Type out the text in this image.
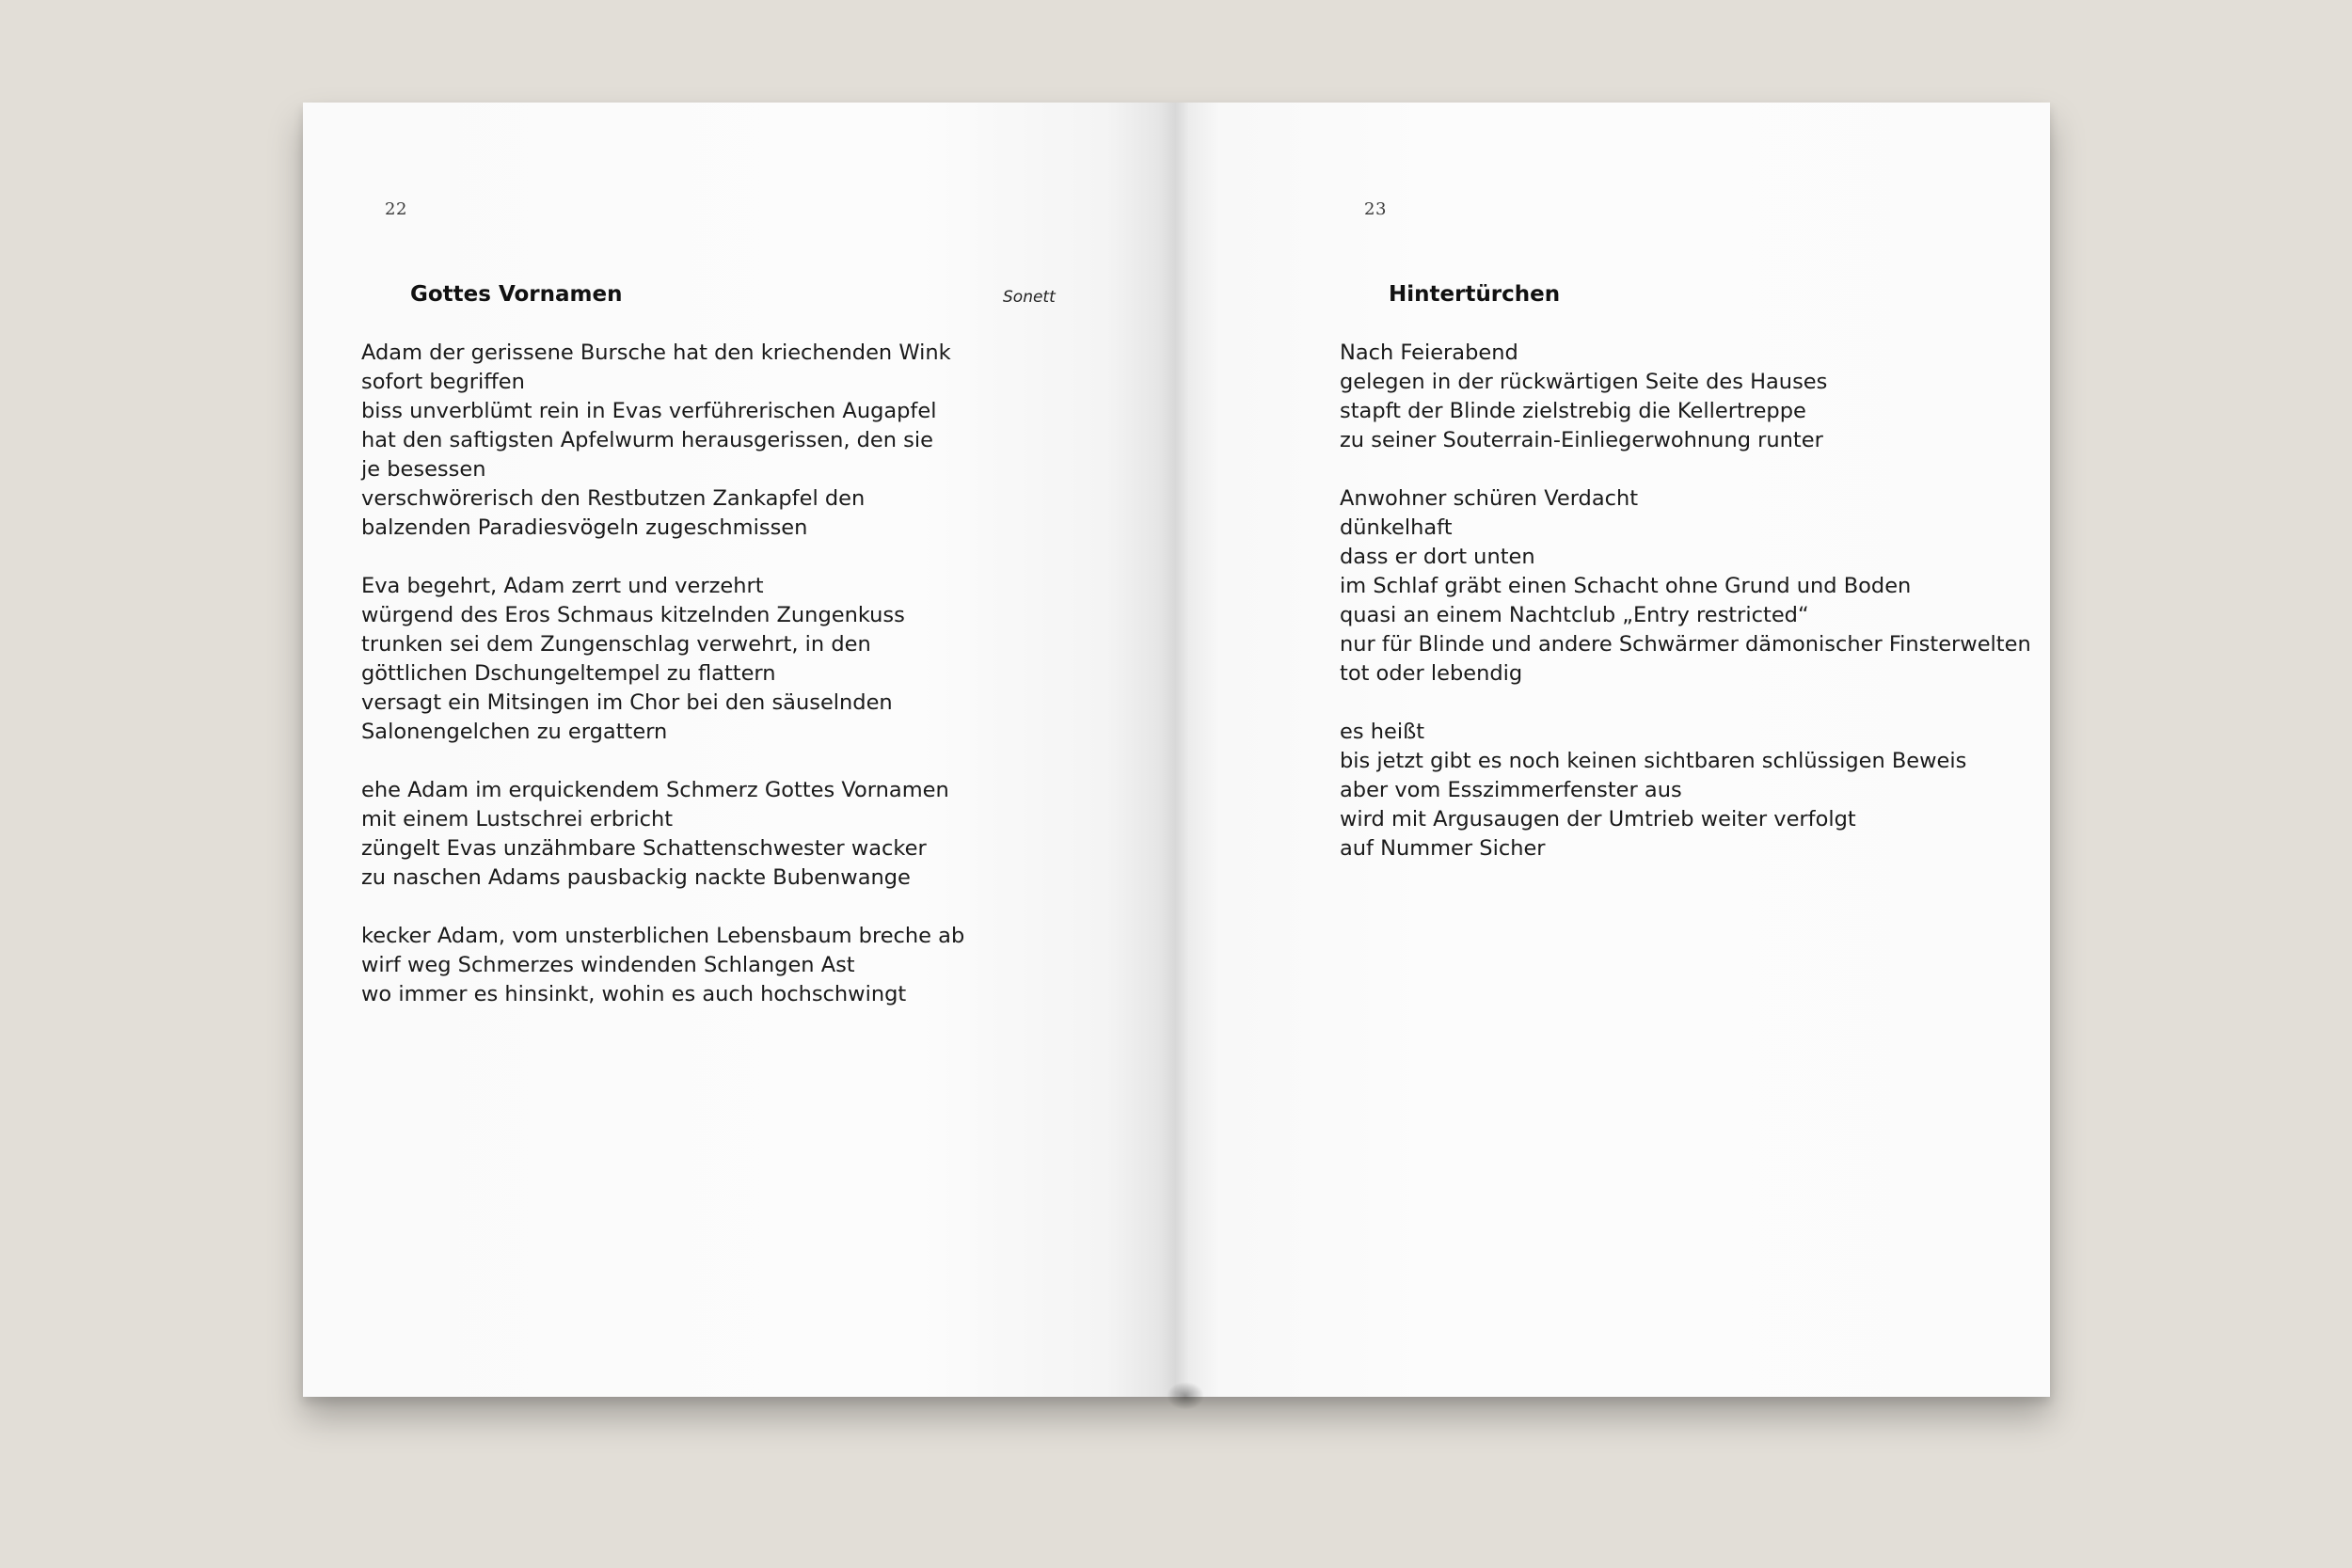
22
Gottes Vornamen	Sonett
Adam der gerissene Bursche hat den kriechenden Wink
sofort begriffen
biss unverblümt rein in Evas verführerischen Augapfel
hat den saftigsten Apfelwurm herausgerissen, den sie
je besessen
verschwörerisch den Restbutzen Zankapfel den
balzenden Paradiesvögeln zugeschmissen
Eva begehrt, Adam zerrt und verzehrt
würgend des Eros Schmaus kitzelnden Zungenkuss
trunken sei dem Zungenschlag verwehrt, in den
göttlichen Dschungeltempel zu flattern
versagt ein Mitsingen im Chor bei den säuselnden
Salonengelchen zu ergattern
ehe Adam im erquickendem Schmerz Gottes Vornamen
mit einem Lustschrei erbricht
züngelt Evas unzähmbare Schattenschwester wacker
zu naschen Adams pausbackig nackte Bubenwange
kecker Adam, vom unsterblichen Lebensbaum breche ab
wirf weg Schmerzes windenden Schlangen Ast
wo immer es hinsinkt, wohin es auch hochschwingt
23
Hintertürchen
Nach Feierabend
gelegen in der rückwärtigen Seite des Hauses
stapft der Blinde zielstrebig die Kellertreppe
zu seiner Souterrain-Einliegerwohnung runter
Anwohner schüren Verdacht
dünkelhaft
dass er dort unten
im Schlaf gräbt einen Schacht ohne Grund und Boden
quasi an einem Nachtclub „Entry restricted“
nur für Blinde und andere Schwärmer dämonischer Finsterwelten
tot oder lebendig
es heißt
bis jetzt gibt es noch keinen sichtbaren schlüssigen Beweis
aber vom Esszimmerfenster aus
wird mit Argusaugen der Umtrieb weiter verfolgt
auf Nummer Sicher
